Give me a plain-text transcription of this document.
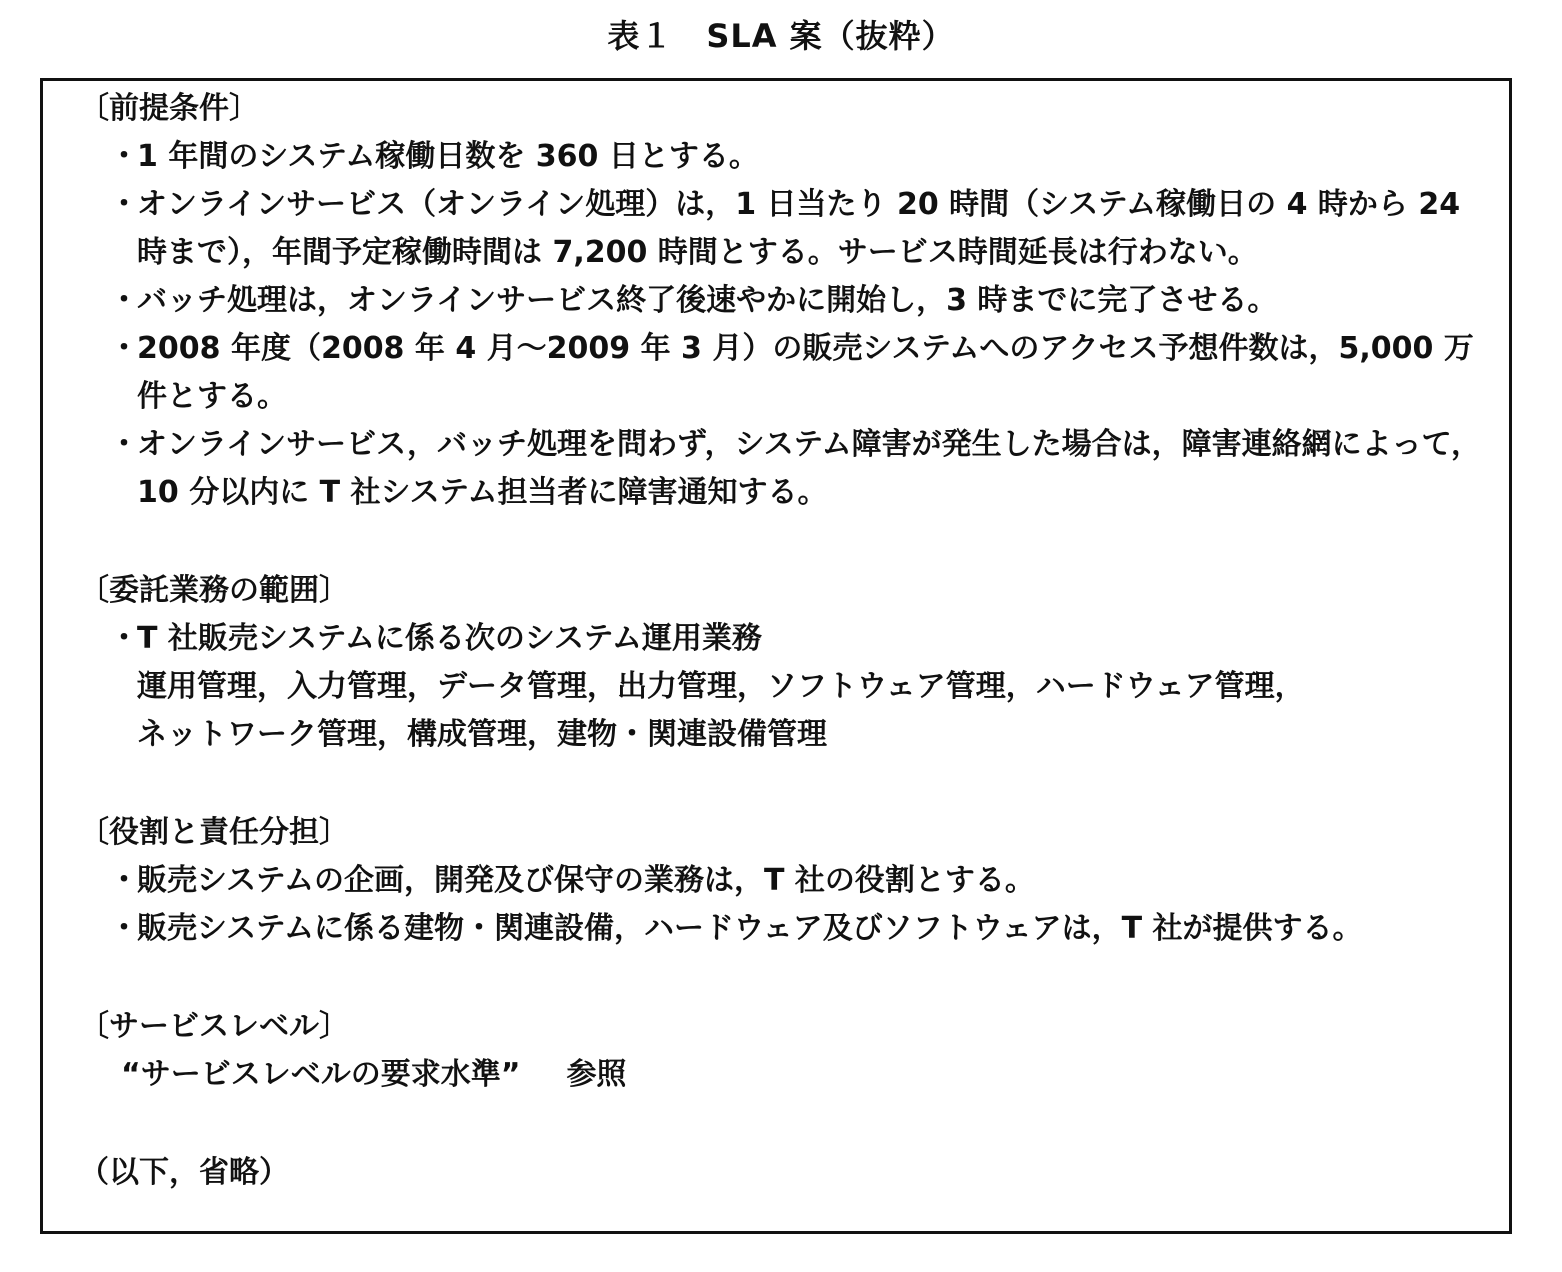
表１　SLA 案（抜粋）
〔前提条件〕
・
1 年間のシステム稼働日数を 360 日とする。
・
オンラインサービス（オンライン処理）は，1 日当たり 20 時間（システム稼働日の 4 時から 24 時まで），年間予定稼働時間は 7,200 時間とする。サービス時間延長は行わない。
・
バッチ処理は，オンラインサービス終了後速やかに開始し，3 時までに完了させる。
・
2008 年度（2008 年 4 月～2009 年 3 月）の販売システムへのアクセス予想件数は，5,000 万件とする。
・
オンラインサービス，バッチ処理を問わず，システム障害が発生した場合は，障害連絡網によって，10 分以内に T 社システム担当者に障害通知する。
〔委託業務の範囲〕
・
T 社販売システムに係る次のシステム運用業務
運用管理，入力管理，データ管理，出力管理，ソフトウェア管理，ハードウェア管理，
ネットワーク管理，構成管理，建物・関連設備管理
〔役割と責任分担〕
・
販売システムの企画，開発及び保守の業務は，T 社の役割とする。
・
販売システムに係る建物・関連設備，ハードウェア及びソフトウェアは，T 社が提供する。
〔サービスレベル〕
“サービスレベルの要求水準” 参照
（以下，省略）
